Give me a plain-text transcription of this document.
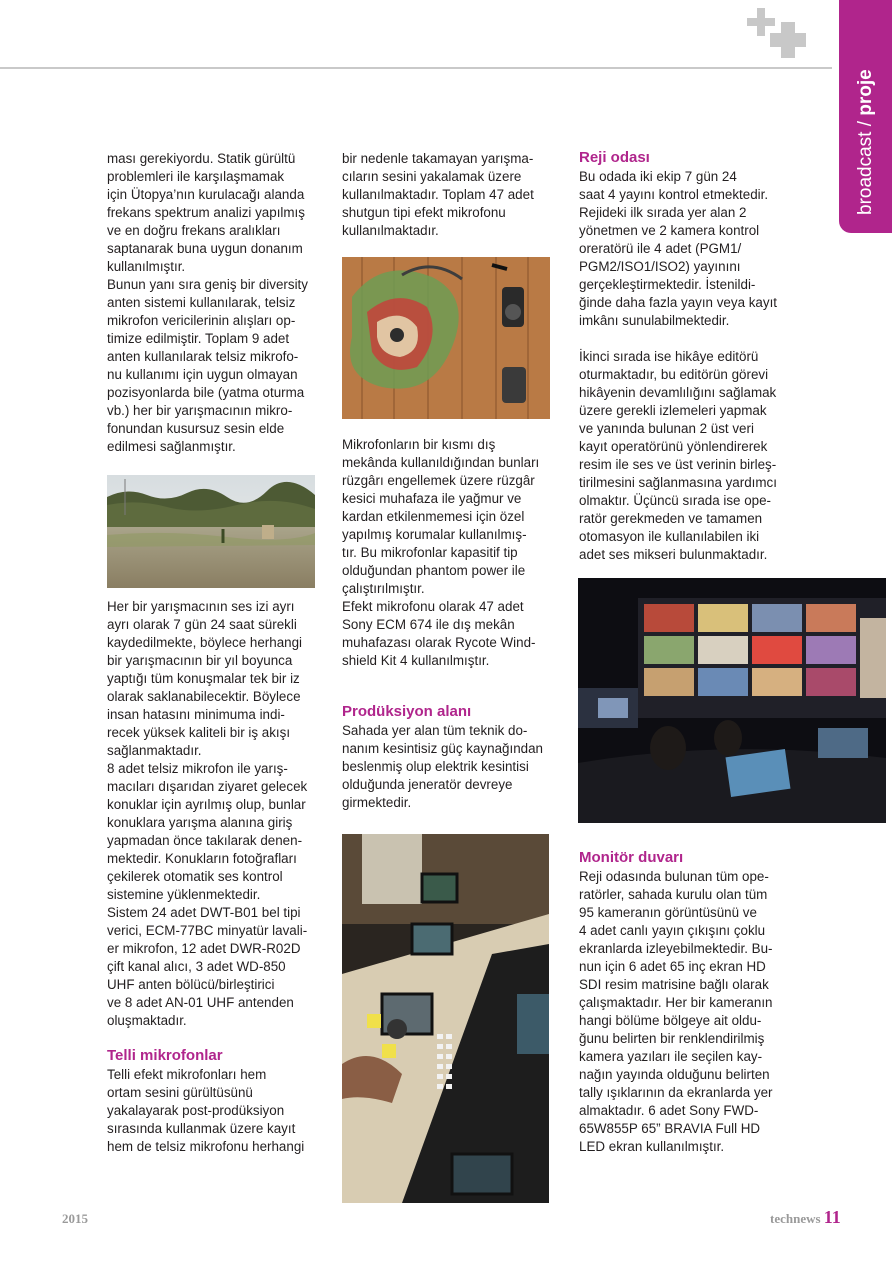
broadcast / proje

ması gerekiyordu. Statik gürültü
problemleri ile karşılaşmamak
için Ütopya’nın kurulacağı alanda
frekans spektrum analizi yapılmış
ve en doğru frekans aralıkları
saptanarak buna uygun donanım
kullanılmıştır.
Bunun yanı sıra geniş bir diversity
anten sistemi kullanılarak, telsiz
mikrofon vericilerinin alışları op-
timize edilmiştir. Toplam 9 adet
anten kullanılarak telsiz mikrofo-
nu kullanımı için uygun olmayan
pozisyonlarda bile (yatma oturma
vb.) her bir yarışmacının mikro-
fonundan kusursuz sesin elde
edilmesi sağlanmıştır.

Her bir yarışmacının ses izi ayrı
ayrı olarak 7 gün 24 saat sürekli
kaydedilmekte, böylece herhangi
bir yarışmacının bir yıl boyunca
yaptığı tüm konuşmalar tek bir iz
olarak saklanabilecektir. Böylece
insan hatasını minimuma indi-
recek yüksek kaliteli bir iş akışı
sağlanmaktadır.
8 adet telsiz mikrofon ile yarış-
macıları dışarıdan ziyaret gelecek
konuklar için ayrılmış olup, bunlar
konuklara yarışma alanına giriş
yapmadan önce takılarak denen-
mektedir. Konukların fotoğrafları
çekilerek otomatik ses kontrol
sistemine yüklenmektedir.
Sistem 24 adet DWT-B01 bel tipi
verici, ECM-77BC minyatür lavali-
er mikrofon, 12 adet DWR-R02D
çift kanal alıcı, 3 adet WD-850
UHF anten bölücü/birleştirici
ve 8 adet AN-01 UHF antenden
oluşmaktadır.

Telli mikrofonlar

Telli efekt mikrofonları hem
ortam sesini gürültüsünü
yakalayarak post-prodüksiyon
sırasında kullanmak üzere kayıt
hem de telsiz mikrofonu herhangi

bir nedenle takamayan yarışma-
cıların sesini yakalamak üzere
kullanılmaktadır. Toplam 47 adet
shutgun tipi efekt mikrofonu
kullanılmaktadır.

Mikrofonların bir kısmı dış
mekânda kullanıldığından bunları
rüzgârı engellemek üzere rüzgâr
kesici muhafaza ile yağmur ve
kardan etkilenmemesi için özel
yapılmış korumalar kullanılmış-
tır. Bu mikrofonlar kapasitif tip
olduğundan phantom power ile
çalıştırılmıştır.
Efekt mikrofonu olarak 47 adet
Sony ECM 674 ile dış mekân
muhafazası olarak Rycote Wind-
shield Kit 4 kullanılmıştır.

Prodüksiyon alanı

Sahada yer alan tüm teknik do-
nanım kesintisiz güç kaynağından
beslenmiş olup elektrik kesintisi
olduğunda jeneratör devreye
girmektedir.

Reji odası

Bu odada iki ekip 7 gün 24
saat 4 yayını kontrol etmektedir.
Rejideki ilk sırada yer alan 2
yönetmen ve 2 kamera kontrol
oreratörü ile 4 adet (PGM1/
PGM2/ISO1/ISO2) yayınını
gerçekleştirmektedir. İstenildi-
ğinde daha fazla yayın veya kayıt
imkânı sunulabilmektedir.

İkinci sırada ise hikâye editörü
oturmaktadır, bu editörün görevi
hikâyenin devamlılığını sağlamak
üzere gerekli izlemeleri yapmak
ve yanında bulunan 2 üst veri
kayıt operatörünü yönlendirerek
resim ile ses ve üst verinin birleş-
tirilmesini sağlanmasına yardımcı
olmaktır. Üçüncü sırada ise ope-
ratör gerekmeden ve tamamen
otomasyon ile kullanılabilen iki
adet ses mikseri bulunmaktadır.

Monitör duvarı

Reji odasında bulunan tüm ope-
ratörler, sahada kurulu olan tüm
95 kameranın görüntüsünü ve
4 adet canlı yayın çıkışını çoklu
ekranlarda izleyebilmektedir. Bu-
nun için 6 adet 65 inç ekran HD
SDI resim matrisine bağlı olarak
çalışmaktadır. Her bir kameranın
hangi bölüme bölgeye ait oldu-
ğunu belirten bir renklendirilmiş
kamera yazıları ile seçilen kay-
nağın yayında olduğunu belirten
tally ışıklarının da ekranlarda yer
almaktadır. 6 adet Sony FWD-
65W855P 65” BRAVIA Full HD
LED ekran kullanılmıştır.

2015	technews 11
